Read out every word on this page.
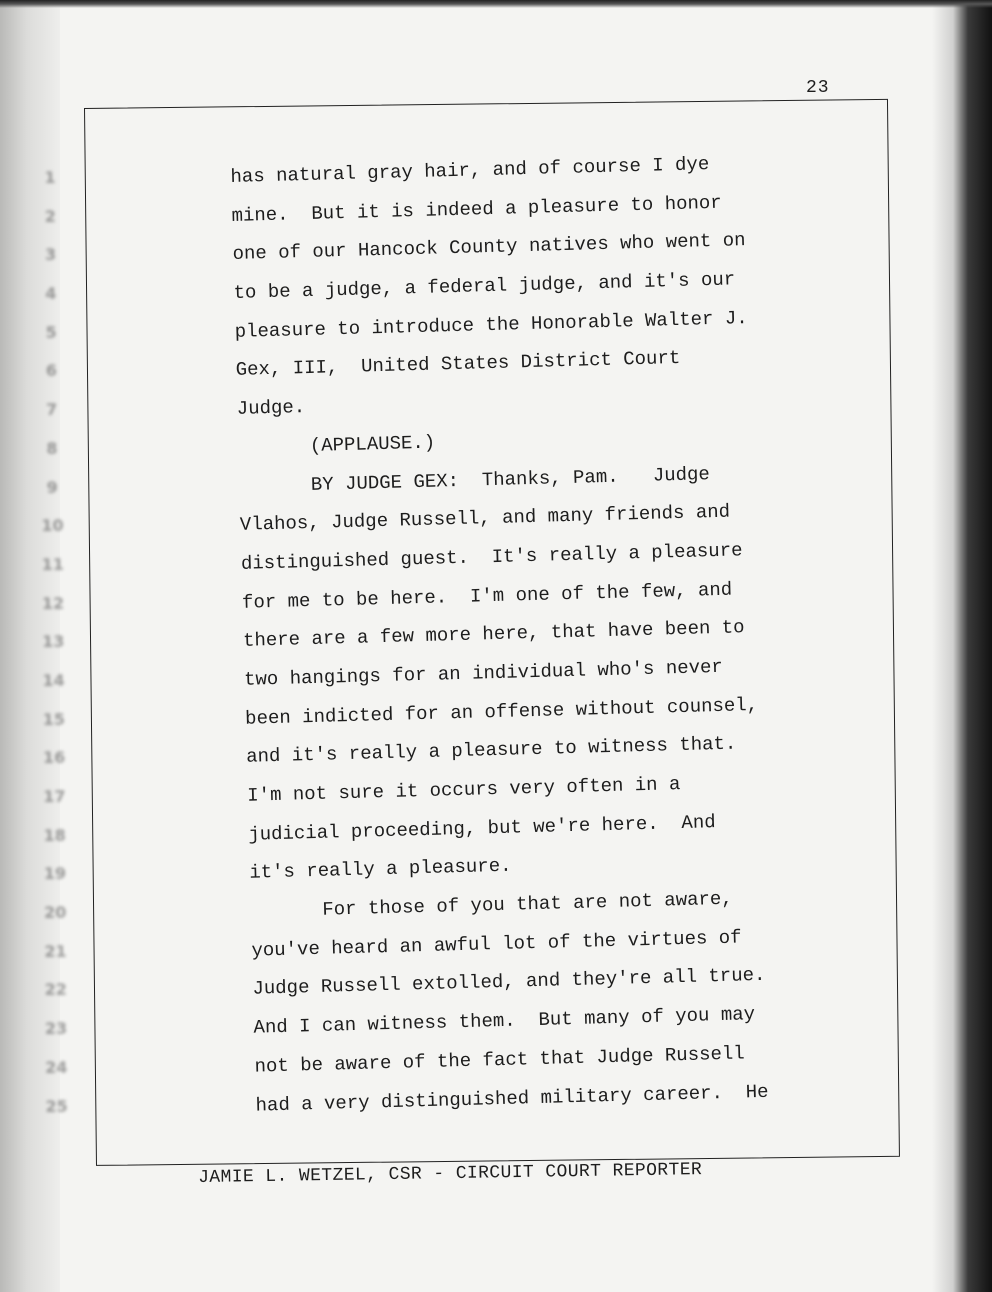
23
1
2
3
4
5
6
7
8
9
10
11
12
13
14
15
16
17
18
19
20
21
22
23
24
25
has natural gray hair, and of course I dye
mine.  But it is indeed a pleasure to honor
one of our Hancock County natives who went on
to be a judge, a federal judge, and it's our
pleasure to introduce the Honorable Walter J.
Gex, III,  United States District Court
Judge.
(APPLAUSE.)
BY JUDGE GEX:  Thanks, Pam.   Judge
Vlahos, Judge Russell, and many friends and
distinguished guest.  It's really a pleasure
for me to be here.  I'm one of the few, and
there are a few more here, that have been to
two hangings for an individual who's never
been indicted for an offense without counsel,
and it's really a pleasure to witness that.
I'm not sure it occurs very often in a
judicial proceeding, but we're here.  And
it's really a pleasure.
For those of you that are not aware,
you've heard an awful lot of the virtues of
Judge Russell extolled, and they're all true.
And I can witness them.  But many of you may
not be aware of the fact that Judge Russell
had a very distinguished military career.  He
JAMIE L. WETZEL, CSR - CIRCUIT COURT REPORTER
